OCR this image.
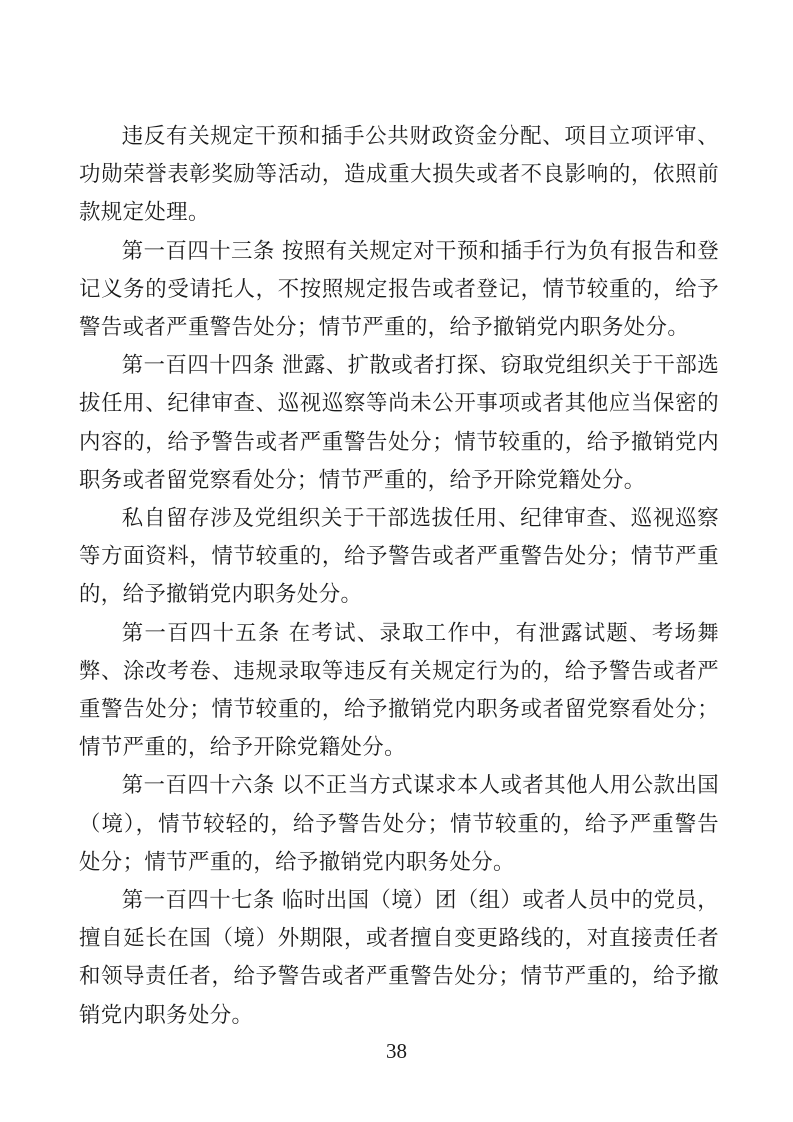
违反有关规定干预和插手公共财政资金分配、项目立项评审、功勋荣誉表彰奖励等活动，造成重大损失或者不良影响的，依照前款规定处理。

第一百四十三条 按照有关规定对干预和插手行为负有报告和登记义务的受请托人，不按照规定报告或者登记，情节较重的，给予警告或者严重警告处分；情节严重的，给予撤销党内职务处分。

第一百四十四条 泄露、扩散或者打探、窃取党组织关于干部选拔任用、纪律审查、巡视巡察等尚未公开事项或者其他应当保密的内容的，给予警告或者严重警告处分；情节较重的，给予撤销党内职务或者留党察看处分；情节严重的，给予开除党籍处分。

私自留存涉及党组织关于干部选拔任用、纪律审查、巡视巡察等方面资料，情节较重的，给予警告或者严重警告处分；情节严重的，给予撤销党内职务处分。

第一百四十五条 在考试、录取工作中，有泄露试题、考场舞弊、涂改考卷、违规录取等违反有关规定行为的，给予警告或者严重警告处分；情节较重的，给予撤销党内职务或者留党察看处分；情节严重的，给予开除党籍处分。

第一百四十六条 以不正当方式谋求本人或者其他人用公款出国（境），情节较轻的，给予警告处分；情节较重的，给予严重警告处分；情节严重的，给予撤销党内职务处分。

第一百四十七条 临时出国（境）团（组）或者人员中的党员，擅自延长在国（境）外期限，或者擅自变更路线的，对直接责任者和领导责任者，给予警告或者严重警告处分；情节严重的，给予撤销党内职务处分。

38
